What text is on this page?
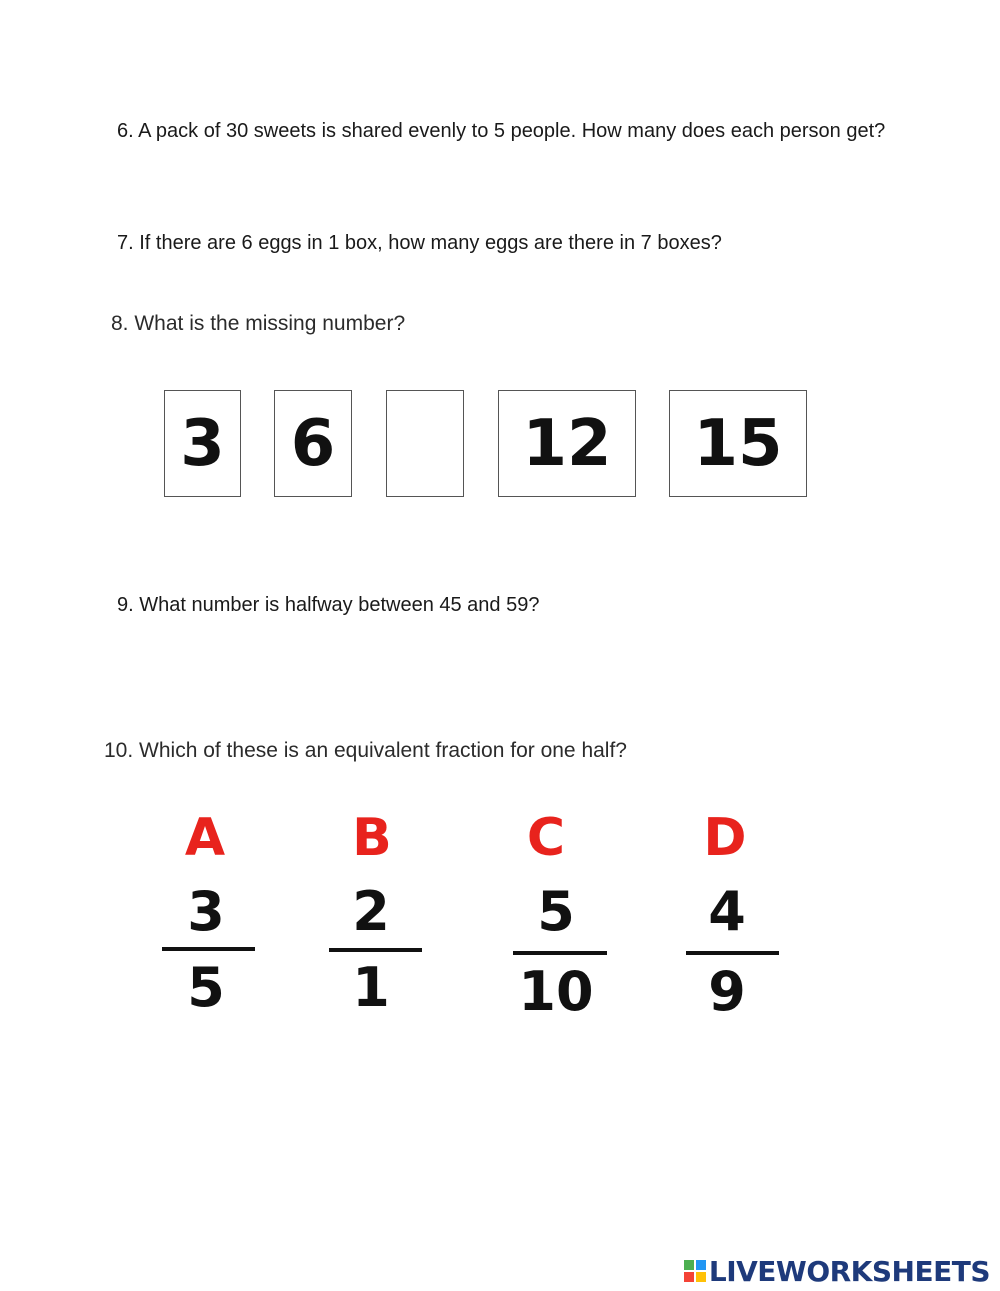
6. A pack of 30 sweets is shared evenly to 5 people. How many does each person get?

7. If there are 6 eggs in 1 box, how many eggs are there in 7 boxes?

8. What is the missing number?

3 6	12	15

9. What number is halfway between 45 and 59?

10. Which of these is an equivalent fraction for one half?

A
3
5
B
2
1
C
5
10
D
4
9
LIVEWORKSHEETS
